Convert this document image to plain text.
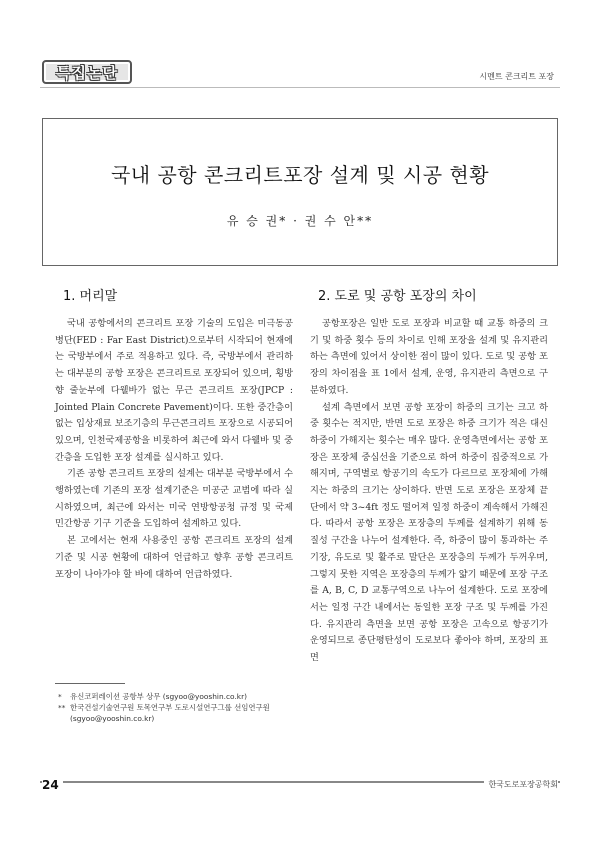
특집논단	시멘트 콘크리트 포장
국내 공항 콘크리트포장 설계 및 시공 현황
유 승 권* · 권 수 안**
1. 머리말

국내 공항에서의 콘크리트 포장 기술의 도입은 미극동공병단(FED : Far East District)으로부터 시작되어 현재에는 국방부에서 주로 적용하고 있다. 즉, 국방부에서 관리하는 대부분의 공항 포장은 콘크리트로 포장되어 있으며, 횡방향 줄눈부에 다웰바가 없는 무근 콘크리트 포장(JPCP : Jointed Plain Concrete Pavement)이다. 또한 중간층이 없는 입상재료 보조기층의 무근콘크리트 포장으로 시공되어 있으며, 인천국제공항을 비롯하여 최근에 와서 다웰바 및 중간층을 도입한 포장 설계를 실시하고 있다.

기존 공항 콘크리트 포장의 설계는 대부분 국방부에서 수행하였는데 기존의 포장 설계기준은 미공군 교범에 따라 실시하였으며, 최근에 와서는 미국 연방항공청 규정 및 국제 민간항공 기구 기준을 도입하여 설계하고 있다.

본 고에서는 현재 사용중인 공항 콘크리트 포장의 설계 기준 및 시공 현황에 대하여 언급하고 향후 공항 콘크리트 포장이 나아가야 할 바에 대하여 언급하였다.

2. 도로 및 공항 포장의 차이

공항포장은 일반 도로 포장과 비교할 때 교통 하중의 크기 및 하중 횟수 등의 차이로 인해 포장을 설계 및 유지관리하는 측면에 있어서 상이한 점이 많이 있다. 도로 및 공항 포장의 차이점을 표 1에서 설계, 운영, 유지관리 측면으로 구분하였다.

설계 측면에서 보면 공항 포장이 하중의 크기는 크고 하중 횟수는 적지만, 반면 도로 포장은 하중 크기가 적은 대신 하중이 가해지는 횟수는 매우 많다. 운영측면에서는 공항 포장은 포장체 중심선을 기준으로 하여 하중이 집중적으로 가해지며, 구역별로 항공기의 속도가 다르므로 포장체에 가해지는 하중의 크기는 상이하다. 반면 도로 포장은 포장체 끝단에서 약 3~4ft 정도 떨어져 일정 하중이 계속해서 가해진다. 따라서 공항 포장은 포장층의 두께를 설계하기 위해 동질성 구간을 나누어 설계한다. 즉, 하중이 많이 통과하는 주기장, 유도로 및 활주로 말단은 포장층의 두께가 두꺼우며, 그렇지 못한 지역은 포장층의 두께가 얇기 때문에 포장 구조를 A, B, C, D 교통구역으로 나누어 설계한다. 도로 포장에서는 일정 구간 내에서는 동일한 포장 구조 및 두께를 가진다. 유지관리 측면을 보면 공항 포장은 고속으로 항공기가 운영되므로 종단평탄성이 도로보다 좋아야 하며, 포장의 표면

*	유신코퍼레이션 공항부 상무 (sgyoo@yooshin.co.kr)
** 한국건설기술연구원 토목연구부 도로시설연구그룹 선임연구원 (sgyoo@yooshin.co.kr)
24	한국도로포장공학회
